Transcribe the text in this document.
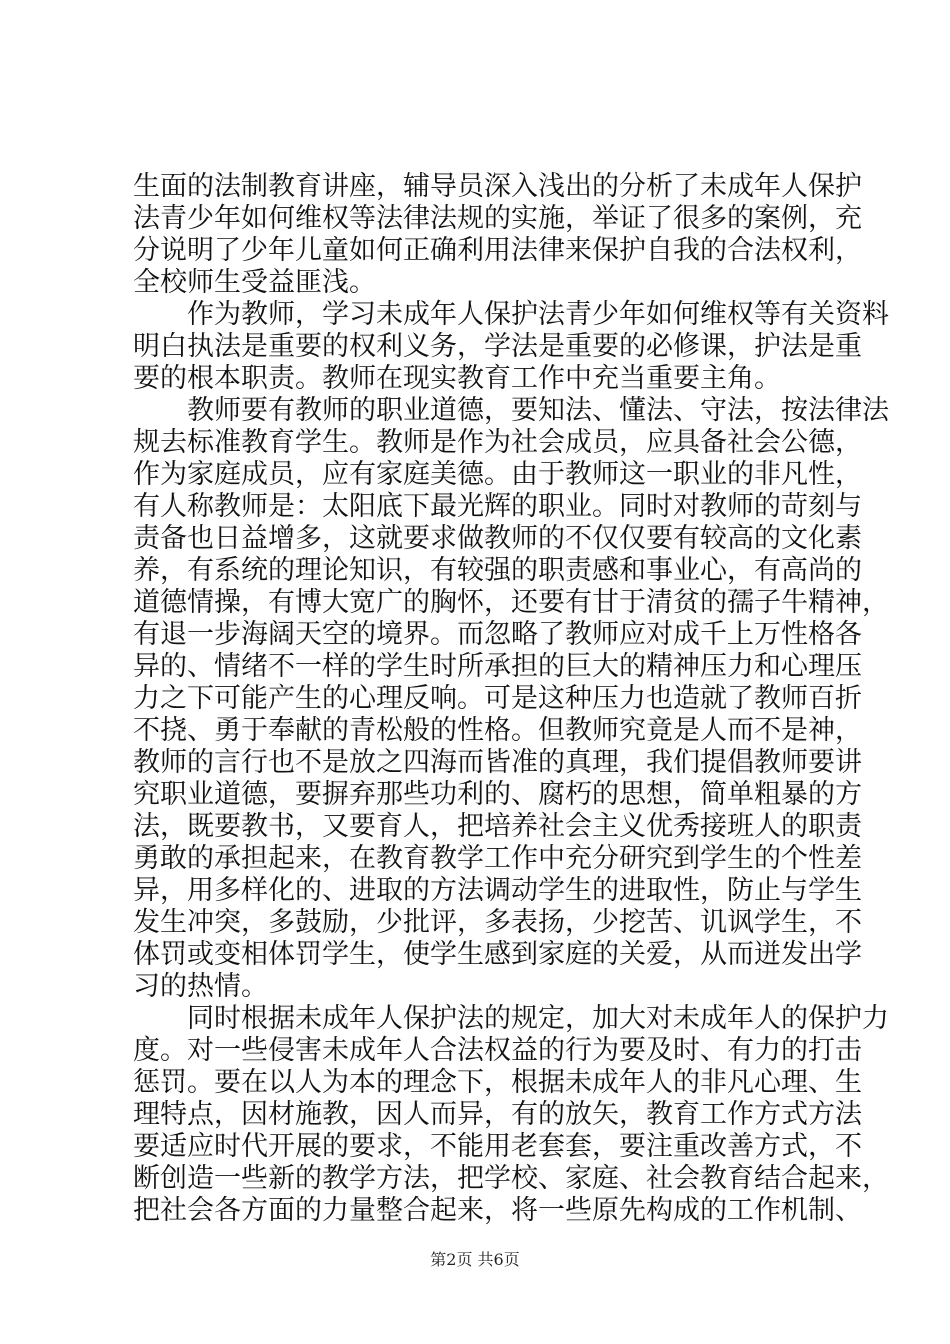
生面的法制教育讲座，辅导员深入浅出的分析了未成年人保护
法青少年如何维权等法律法规的实施，举证了很多的案例，充
分说明了少年儿童如何正确利用法律来保护自我的合法权利，
全校师生受益匪浅。
作为教师，学习未成年人保护法青少年如何维权等有关资料
明白执法是重要的权利义务，学法是重要的必修课，护法是重
要的根本职责。教师在现实教育工作中充当重要主角。
教师要有教师的职业道德，要知法、懂法、守法，按法律法
规去标准教育学生。教师是作为社会成员，应具备社会公德，
作为家庭成员，应有家庭美德。由于教师这一职业的非凡性，
有人称教师是：太阳底下最光辉的职业。同时对教师的苛刻与
责备也日益增多，这就要求做教师的不仅仅要有较高的文化素
养，有系统的理论知识，有较强的职责感和事业心，有高尚的
道德情操，有博大宽广的胸怀，还要有甘于清贫的孺子牛精神，
有退一步海阔天空的境界。而忽略了教师应对成千上万性格各
异的、情绪不一样的学生时所承担的巨大的精神压力和心理压
力之下可能产生的心理反响。可是这种压力也造就了教师百折
不挠、勇于奉献的青松般的性格。但教师究竟是人而不是神，
教师的言行也不是放之四海而皆准的真理，我们提倡教师要讲
究职业道德，要摒弃那些功利的、腐朽的思想，简单粗暴的方
法，既要教书，又要育人，把培养社会主义优秀接班人的职责
勇敢的承担起来，在教育教学工作中充分研究到学生的个性差
异，用多样化的、进取的方法调动学生的进取性，防止与学生
发生冲突，多鼓励，少批评，多表扬，少挖苦、讥讽学生，不
体罚或变相体罚学生，使学生感到家庭的关爱，从而迸发出学
习的热情。
同时根据未成年人保护法的规定，加大对未成年人的保护力
度。对一些侵害未成年人合法权益的行为要及时、有力的打击
惩罚。要在以人为本的理念下，根据未成年人的非凡心理、生
理特点，因材施教，因人而异，有的放矢，教育工作方式方法
要适应时代开展的要求，不能用老套套，要注重改善方式，不
断创造一些新的教学方法，把学校、家庭、社会教育结合起来，
把社会各方面的力量整合起来，将一些原先构成的工作机制、
第2页 共6页
